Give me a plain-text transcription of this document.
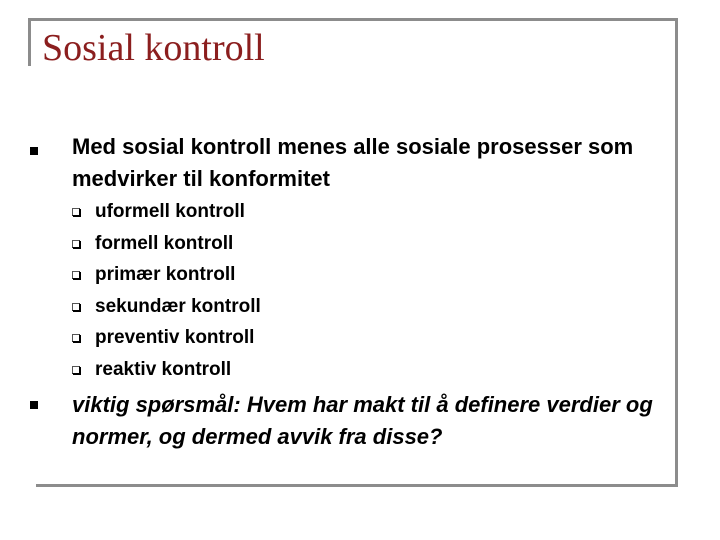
Sosial kontroll
Med sosial kontroll menes alle sosiale prosesser som medvirker til konformitet
uformell kontroll
formell kontroll
primær kontroll
sekundær kontroll
preventiv kontroll
reaktiv kontroll
viktig spørsmål: Hvem har makt til å definere verdier og normer, og dermed avvik fra disse?
